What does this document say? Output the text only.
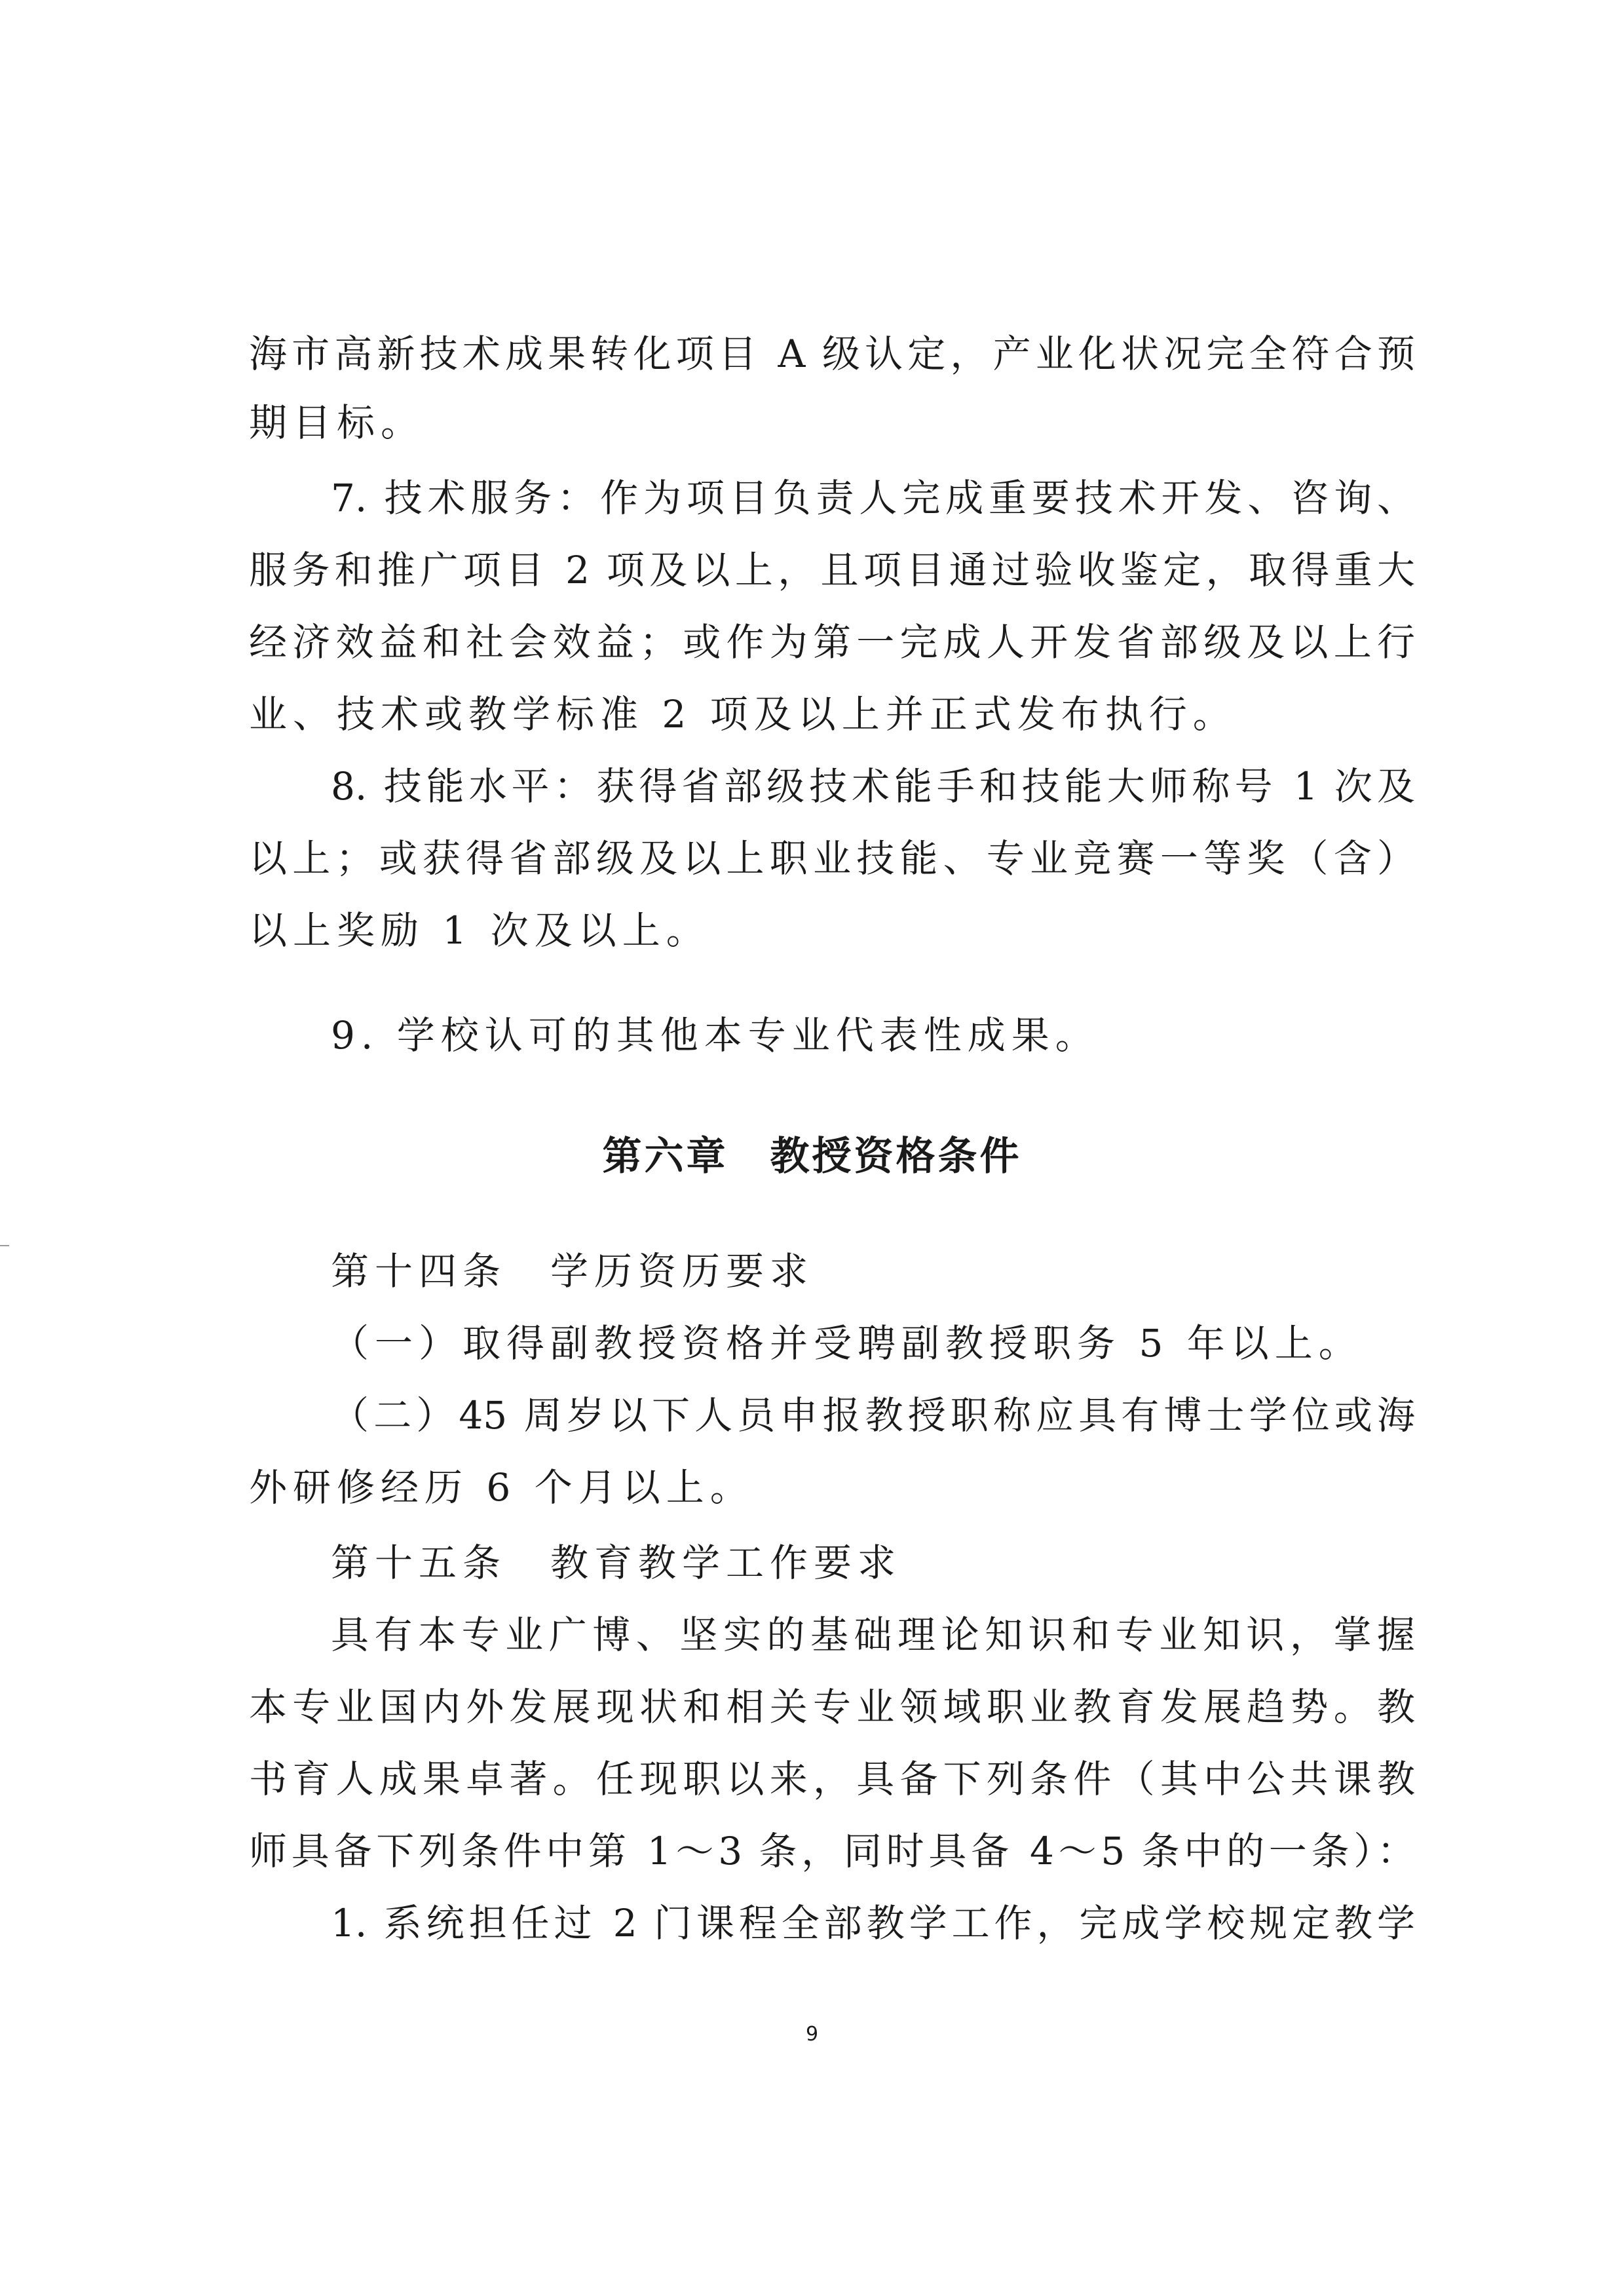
海市高新技术成果转化项目 A 级认定，产业化状况完全符合预
期目标。
7. 技术服务：作为项目负责人完成重要技术开发、咨询、
服务和推广项目 2 项及以上，且项目通过验收鉴定，取得重大
经济效益和社会效益；或作为第一完成人开发省部级及以上行
业、技术或教学标准 2 项及以上并正式发布执行。
8. 技能水平：获得省部级技术能手和技能大师称号 1 次及
以上；或获得省部级及以上职业技能、专业竞赛一等奖（含）
以上奖励 1 次及以上。
9. 学校认可的其他本专业代表性成果。
第六章　教授资格条件
第十四条　学历资历要求
（一）取得副教授资格并受聘副教授职务 5 年以上。
（二）45 周岁以下人员申报教授职称应具有博士学位或海
外研修经历 6 个月以上。
第十五条　教育教学工作要求
具有本专业广博、坚实的基础理论知识和专业知识，掌握
本专业国内外发展现状和相关专业领域职业教育发展趋势。教
书育人成果卓著。任现职以来，具备下列条件（其中公共课教
师具备下列条件中第 1～3 条，同时具备 4～5 条中的一条）：
1. 系统担任过 2 门课程全部教学工作，完成学校规定教学
9
